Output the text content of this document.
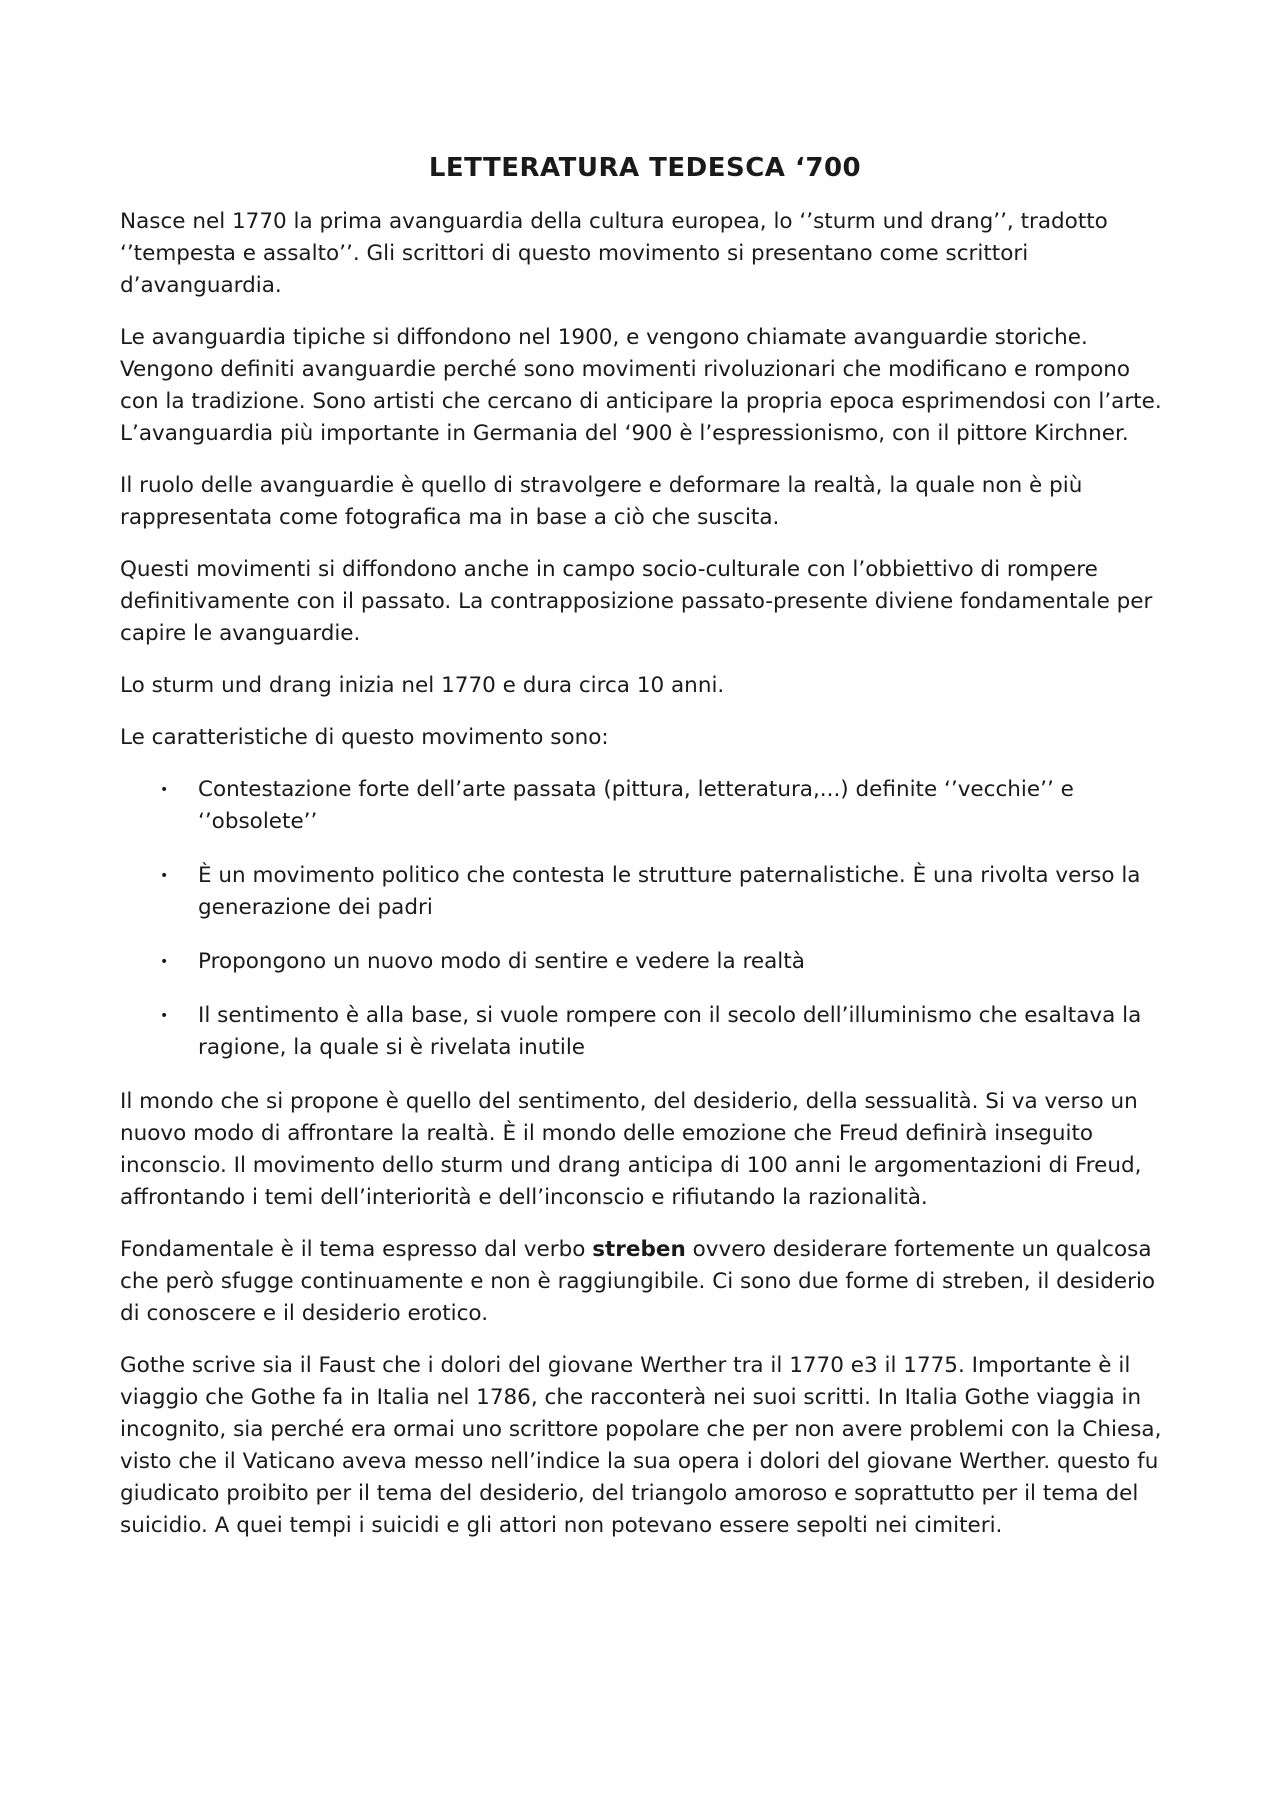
LETTERATURA TEDESCA ‘700

Nasce nel 1770 la prima avanguardia della cultura europea, lo ‘’sturm und drang’’, tradotto ‘’tempesta e assalto’’. Gli scrittori di questo movimento si presentano come scrittori d’avanguardia.

Le avanguardia tipiche si diffondono nel 1900, e vengono chiamate avanguardie storiche. Vengono definiti avanguardie perché sono movimenti rivoluzionari che modificano e rompono con la tradizione. Sono artisti che cercano di anticipare la propria epoca esprimendosi con l’arte. L’avanguardia più importante in Germania del ‘900 è l’espressionismo, con il pittore Kirchner.

Il ruolo delle avanguardie è quello di stravolgere e deformare la realtà, la quale non è più rappresentata come fotografica ma in base a ciò che suscita.

Questi movimenti si diffondono anche in campo socio-culturale con l’obbiettivo di rompere definitivamente con il passato. La contrapposizione passato-presente diviene fondamentale per capire le avanguardie.

Lo sturm und drang inizia nel 1770 e dura circa 10 anni.

Le caratteristiche di questo movimento sono:

• Contestazione forte dell’arte passata (pittura, letteratura,...) definite ‘’vecchie’’ e ‘’obsolete’’
• È un movimento politico che contesta le strutture paternalistiche. È una rivolta verso la generazione dei padri
• Propongono un nuovo modo di sentire e vedere la realtà
• Il sentimento è alla base, si vuole rompere con il secolo dell’illuminismo che esaltava la ragione, la quale si è rivelata inutile

Il mondo che si propone è quello del sentimento, del desiderio, della sessualità. Si va verso un nuovo modo di affrontare la realtà. È il mondo delle emozione che Freud definirà inseguito inconscio. Il movimento dello sturm und drang anticipa di 100 anni le argomentazioni di Freud, affrontando i temi dell’interiorità e dell’inconscio e rifiutando la razionalità.

Fondamentale è il tema espresso dal verbo streben ovvero desiderare fortemente un qualcosa che però sfugge continuamente e non è raggiungibile. Ci sono due forme di streben, il desiderio di conoscere e il desiderio erotico.

Gothe scrive sia il Faust che i dolori del giovane Werther tra il 1770 e3 il 1775. Importante è il viaggio che Gothe fa in Italia nel 1786, che racconterà nei suoi scritti. In Italia Gothe viaggia in incognito, sia perché era ormai uno scrittore popolare che per non avere problemi con la Chiesa, visto che il Vaticano aveva messo nell’indice la sua opera i dolori del giovane Werther. questo fu giudicato proibito per il tema del desiderio, del triangolo amoroso e soprattutto per il tema del suicidio. A quei tempi i suicidi e gli attori non potevano essere sepolti nei cimiteri.
